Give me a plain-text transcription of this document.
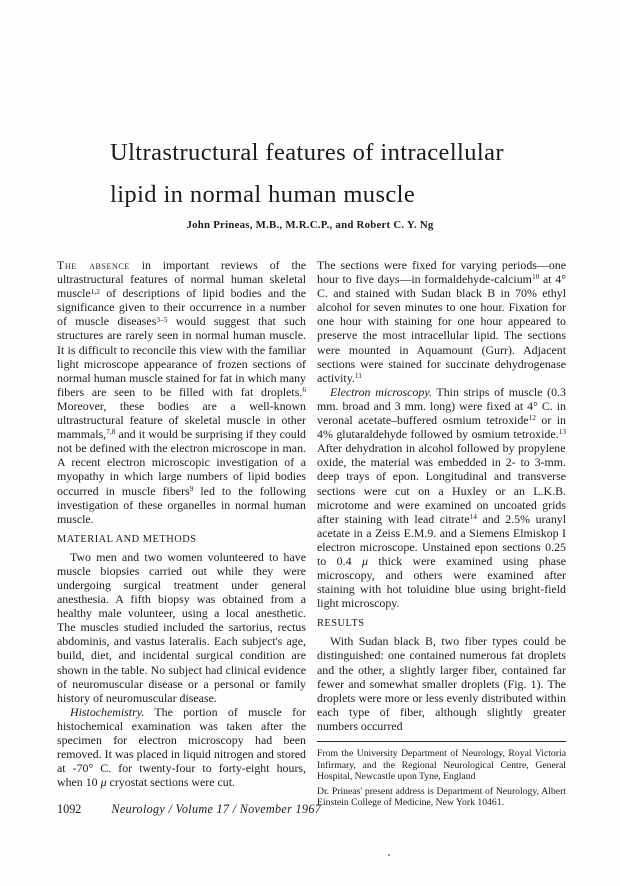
Ultrastructural features of intracellular
lipid in normal human muscle
John Prineas, M.B., M.R.C.P., and Robert C. Y. Ng

The absence in important reviews of the ultrastructural features of normal human skeletal muscle$^{1,2}$ of descriptions of lipid bodies and the significance given to their occurrence in a number of muscle diseases$^{3-5}$ would suggest that such structures are rarely seen in normal human muscle. It is difficult to reconcile this view with the familiar light microscope appearance of frozen sections of normal human muscle stained for fat in which many fibers are seen to be filled with fat droplets.$^6$ Moreover, these bodies are a well-known ultrastructural feature of skeletal muscle in other mammals,$^{7,8}$ and it would be surprising if they could not be defined with the electron microscope in man. A recent electron microscopic investigation of a myopathy in which large numbers of lipid bodies occurred in muscle fibers$^9$ led to the following investigation of these organelles in normal human muscle.

MATERIAL AND METHODS

Two men and two women volunteered to have muscle biopsies carried out while they were undergoing surgical treatment under general anesthesia. A fifth biopsy was obtained from a healthy male volunteer, using a local anesthetic. The muscles studied included the sartorius, rectus abdominis, and vastus lateralis. Each subject's age, build, diet, and incidental surgical condition are shown in the table. No subject had clinical evidence of neuromuscular disease or a personal or family history of neuromuscular disease.

Histochemistry. The portion of muscle for histochemical examination was taken after the specimen for electron microscopy had been removed. It was placed in liquid nitrogen and stored at -70° C. for twenty-four to forty-eight hours, when 10 μ cryostat sections were cut.

1092 Neurology / Volume 17 / November 1967

The sections were fixed for varying periods—one hour to five days—in formaldehyde-calcium$^{10}$ at 4° C. and stained with Sudan black B in 70% ethyl alcohol for seven minutes to one hour. Fixation for one hour with staining for one hour appeared to preserve the most intracellular lipid. The sections were mounted in Aquamount (Gurr). Adjacent sections were stained for succinate dehydrogenase activity.$^{11}$

Electron microscopy. Thin strips of muscle (0.3 mm. broad and 3 mm. long) were fixed at 4° C. in veronal acetate–buffered osmium tetroxide$^{12}$ or in 4% glutaraldehyde followed by osmium tetroxide.$^{13}$ After dehydration in alcohol followed by propylene oxide, the material was embedded in 2- to 3-mm. deep trays of epon. Longitudinal and transverse sections were cut on a Huxley or an L.K.B. microtome and were examined on uncoated grids after staining with lead citrate$^{14}$ and 2.5% uranyl acetate in a Zeiss E.M.9. and a Siemens Elmiskop I electron microscope. Unstained epon sections 0.25 to 0.4 μ thick were examined using phase microscopy, and others were examined after staining with hot toluidine blue using bright-field light microscopy.

RESULTS

With Sudan black B, two fiber types could be distinguished: one contained numerous fat droplets and the other, a slightly larger fiber, contained far fewer and somewhat smaller droplets (Fig. 1). The droplets were more or less evenly distributed within each type of fiber, although slightly greater numbers occurred

From the University Department of Neurology, Royal Victoria Infirmary, and the Regional Neurological Centre, General Hospital, Newcastle upon Tyne, England

Dr. Prineas' present address is Department of Neurology, Albert Einstein College of Medicine, New York 10461.
